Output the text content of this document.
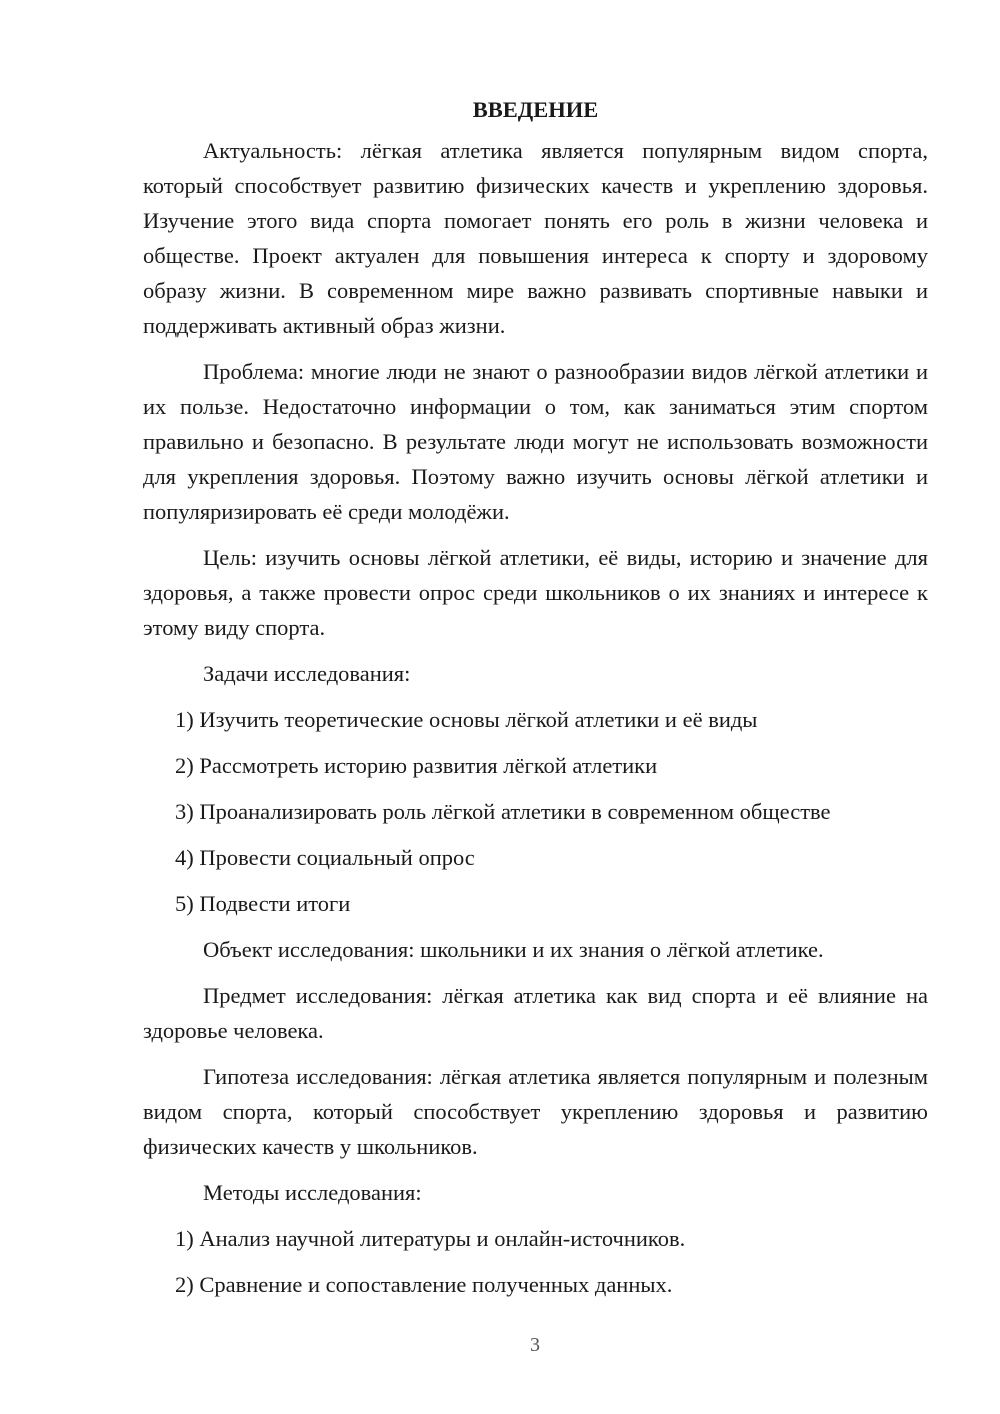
ВВЕДЕНИЕ

Актуальность: лёгкая атлетика является популярным видом спорта, который способствует развитию физических качеств и укреплению здоровья. Изучение этого вида спорта помогает понять его роль в жизни человека и обществе. Проект актуален для повышения интереса к спорту и здоровому образу жизни. В современном мире важно развивать спортивные навыки и поддерживать активный образ жизни.

Проблема: многие люди не знают о разнообразии видов лёгкой атлетики и их пользе. Недостаточно информации о том, как заниматься этим спортом правильно и безопасно. В результате люди могут не использовать возможности для укрепления здоровья. Поэтому важно изучить основы лёгкой атлетики и популяризировать её среди молодёжи.

Цель: изучить основы лёгкой атлетики, её виды, историю и значение для здоровья, а также провести опрос среди школьников о их знаниях и интересе к этому виду спорта.

Задачи исследования:

1) Изучить теоретические основы лёгкой атлетики и её виды
2) Рассмотреть историю развития лёгкой атлетики
3) Проанализировать роль лёгкой атлетики в современном обществе
4) Провести социальный опрос
5) Подвести итоги

Объект исследования: школьники и их знания о лёгкой атлетике.

Предмет исследования: лёгкая атлетика как вид спорта и её влияние на здоровье человека.

Гипотеза исследования: лёгкая атлетика является популярным и полезным видом спорта, который способствует укреплению здоровья и развитию физических качеств у школьников.

Методы исследования:

1) Анализ научной литературы и онлайн-источников.
2) Сравнение и сопоставление полученных данных.
3
